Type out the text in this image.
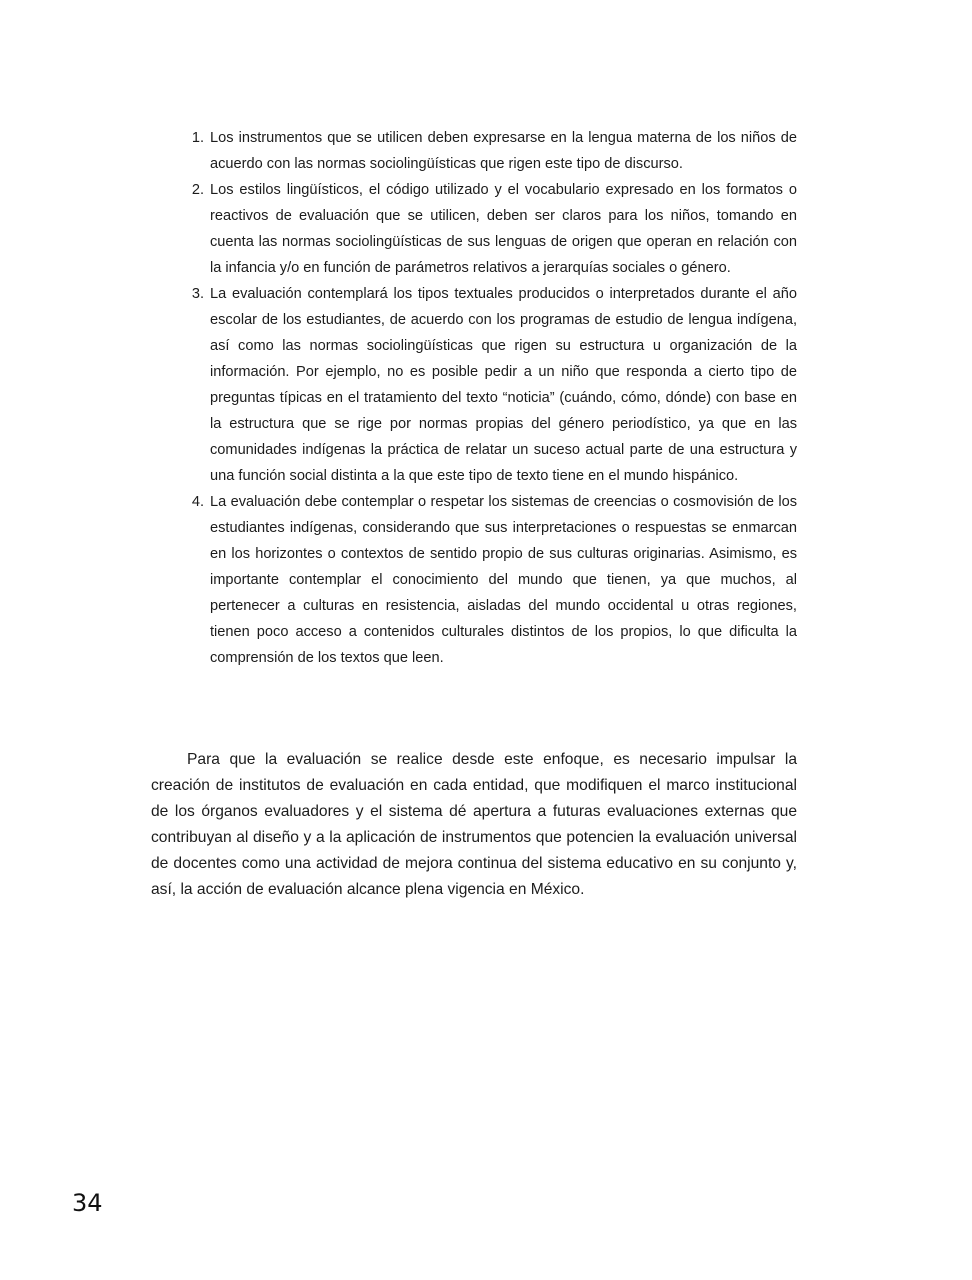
1. Los instrumentos que se utilicen deben expresarse en la lengua materna de los niños de acuerdo con las normas sociolingüísticas que rigen este tipo de discurso.
2. Los estilos lingüísticos, el código utilizado y el vocabulario expresado en los formatos o reactivos de evaluación que se utilicen, deben ser claros para los niños, tomando en cuenta las normas sociolingüísticas de sus lenguas de origen que operan en relación con la infancia y/o en función de parámetros relativos a jerarquías sociales o género.
3. La evaluación contemplará los tipos textuales producidos o interpretados durante el año escolar de los estudiantes, de acuerdo con los programas de estudio de lengua indígena, así como las normas sociolingüísticas que rigen su estructura u organización de la información. Por ejemplo, no es posible pedir a un niño que responda a cierto tipo de preguntas típicas en el tratamiento del texto “noticia” (cuándo, cómo, dónde) con base en la estructura que se rige por normas propias del género periodístico, ya que en las comunidades indígenas la práctica de relatar un suceso actual parte de una estructura y una función social distinta a la que este tipo de texto tiene en el mundo hispánico.
4. La evaluación debe contemplar o respetar los sistemas de creencias o cosmovisión de los estudiantes indígenas, considerando que sus interpretaciones o respuestas se enmarcan en los horizontes o contextos de sentido propio de sus culturas originarias. Asimismo, es importante contemplar el conocimiento del mundo que tienen, ya que muchos, al pertenecer a culturas en resistencia, aisladas del mundo occidental u otras regiones, tienen poco acceso a contenidos culturales distintos de los propios, lo que dificulta la comprensión de los textos que leen.

Para que la evaluación se realice desde este enfoque, es necesario impulsar la creación de institutos de evaluación en cada entidad, que modifiquen el marco institucional de los órganos evaluadores y el sistema dé apertura a futuras evaluaciones externas que contribuyan al diseño y a la aplicación de instrumentos que potencien la evaluación universal de docentes como una actividad de mejora continua del sistema educativo en su conjunto y, así, la acción de evaluación alcance plena vigencia en México.

34
